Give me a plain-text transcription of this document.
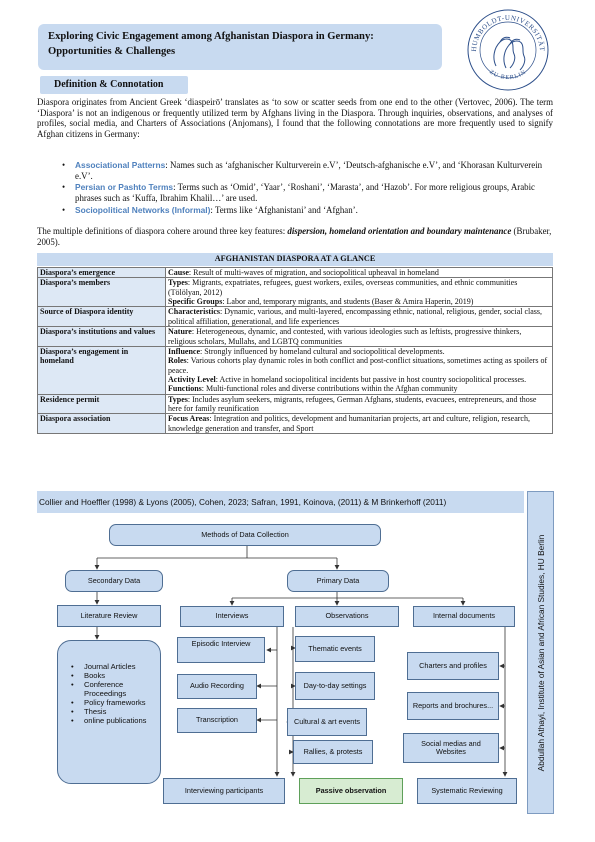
Exploring Civic Engagement among Afghanistan Diaspora in Germany:
Opportunities & Challenges	HUMBOLDT-UNIVERSITÄT
ZU BERLIN
Definition & Connotation
Diaspora originates from Ancient Greek ‘diaspeirō’ translates as ‘to sow or scatter seeds from one end to the other (Vertovec, 2006). The term ‘Diaspora’ is not an indigenous or frequently utilized term by Afghans living in the Diaspora. Through inquiries, observations, and analyses of profiles, social media, and Charters of Associations (Anjomans), I found that the following connotations are more frequently used to signify Afghan citizens in Germany:
• Associational Patterns: Names such as ‘afghanischer Kulturverein e.V’, ‘Deutsch-afghanische e.V’, and ‘Khorasan Kulturverein e.V’.
• Persian or Pashto Terms: Terms such as ‘Omid’, ‘Yaar’, ‘Roshani’, ‘Marasta’, and ‘Hazob’. For more religious groups, Arabic phrases such as ‘Kuffa, Ibrahim Khalil…’ are used.
• Sociopolitical Networks (Informal): Terms like ‘Afghanistani’ and ‘Afghan’.
The multiple definitions of diaspora cohere around three key features: dispersion, homeland orientation and boundary maintenance (Brubaker, 2005).
AFGHANISTAN DIASPORA AT A GLANCE
Diaspora’s emergence	Cause: Result of multi-waves of migration, and sociopolitical upheaval in homeland
Diaspora’s members	Types: Migrants, expatriates, refugees, guest workers, exiles, overseas communities, and ethnic communities (Tölölyan, 2012)
Specific Groups: Labor and, temporary migrants, and students (Baser & Amira Haperin, 2019)

Source of Diaspora identity	Characteristics: Dynamic, various, and multi-layered, encompassing ethnic, national, religious, gender, social class, political affiliation, generational, and life experiences
Diaspora’s institutions and values	Nature: Heterogeneous, dynamic, and contested, with various ideologies such as leftists, progressive thinkers, religious scholars, Mullahs, and LGBTQ communities
Diaspora’s engagement in homeland	Influence: Strongly influenced by homeland cultural and sociopolitical developments.
Roles: Various cohorts play dynamic roles in both conflict and post-conflict situations, sometimes acting as spoilers of peace.
Activity Level: Active in homeland sociopolitical incidents but passive in host country sociopolitical processes.
Functions: Multi-functional roles and diverse contributions within the Afghan community

Residence permit	Types: Includes asylum seekers, migrants, refugees, German Afghans, students, evacuees, entrepreneurs, and those here for family reunification
Diaspora association	Focus Areas: Integration and politics, development and humanitarian projects, art and culture, religion, research, knowledge generation and transfer, and Sport
Collier and Hoeffler (1998) & Lyons (2005), Cohen, 2023; Safran, 1991, Koinova, (2011) & M Brinkerhoff (2011)
Abdullah Athayi, Institute of Asian and African Studies, HU Berlin
Methods of Data Collection
Secondary Data	Primary Data
Literature Review
• Journal Articles
• Books
• Conference Proceedings
• Policy frameworks
• Thesis
• online publications
Interviews	Observations	Internal documents
Episodic Interview
Audio Recording
Transcription
Thematic events
Day-to-day settings
Cultural & art events
Rallies, & protests
Charters and profiles
Reports and brochures...
Social medias and Websites
Interviewing participants	Passive observation	Systematic Reviewing
